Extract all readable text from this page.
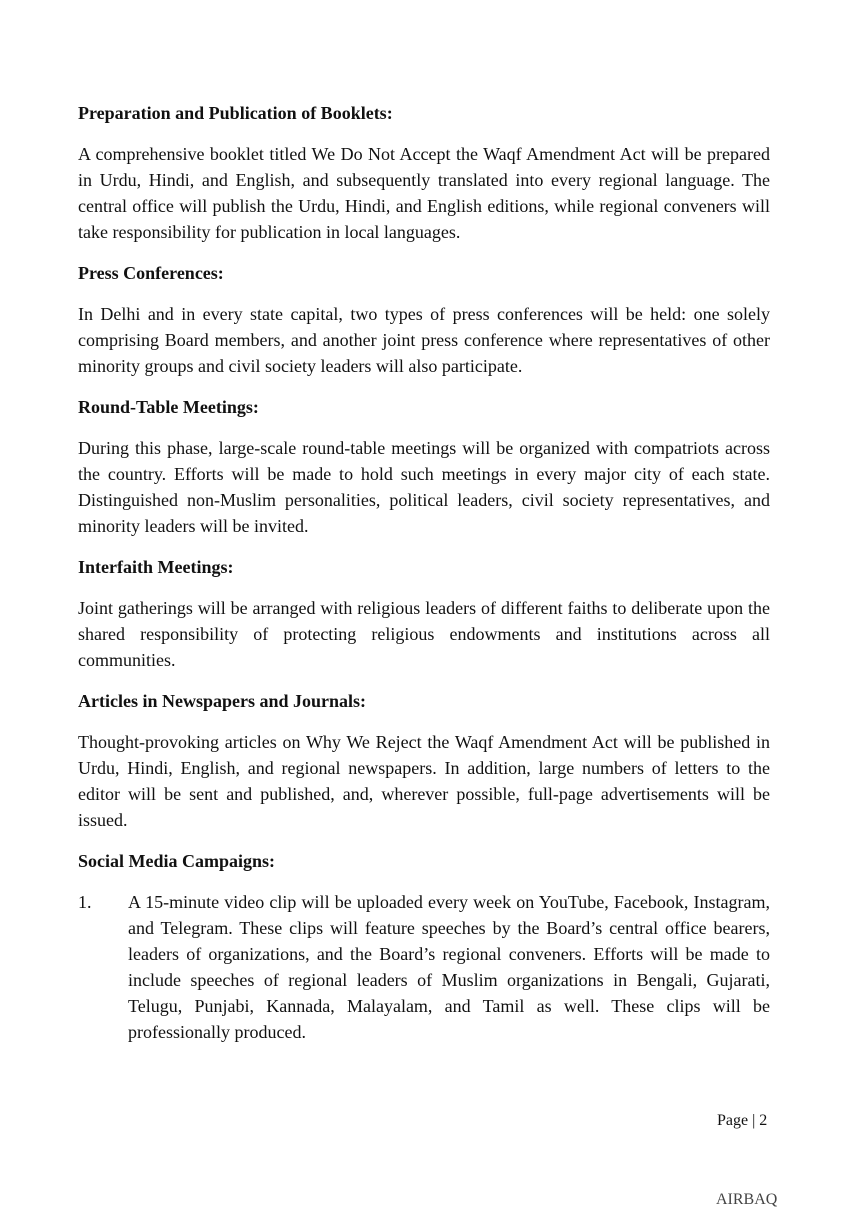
Preparation and Publication of Booklets:
A comprehensive booklet titled We Do Not Accept the Waqf Amendment Act will be prepared in Urdu, Hindi, and English, and subsequently translated into every regional language. The central office will publish the Urdu, Hindi, and English editions, while regional conveners will take responsibility for publication in local languages.
Press Conferences:
In Delhi and in every state capital, two types of press conferences will be held: one solely comprising Board members, and another joint press conference where representatives of other minority groups and civil society leaders will also participate.
Round-Table Meetings:
During this phase, large-scale round-table meetings will be organized with compatriots across the country. Efforts will be made to hold such meetings in every major city of each state. Distinguished non-Muslim personalities, political leaders, civil society representatives, and minority leaders will be invited.
Interfaith Meetings:
Joint gatherings will be arranged with religious leaders of different faiths to deliberate upon the shared responsibility of protecting religious endowments and institutions across all communities.
Articles in Newspapers and Journals:
Thought-provoking articles on Why We Reject the Waqf Amendment Act will be published in Urdu, Hindi, English, and regional newspapers. In addition, large numbers of letters to the editor will be sent and published, and, wherever possible, full-page advertisements will be issued.
Social Media Campaigns:
1.	A 15-minute video clip will be uploaded every week on YouTube, Facebook, Instagram, and Telegram. These clips will feature speeches by the Board’s central office bearers, leaders of organizations, and the Board’s regional conveners. Efforts will be made to include speeches of regional leaders of Muslim organizations in Bengali, Gujarati, Telugu, Punjabi, Kannada, Malayalam, and Tamil as well. These clips will be professionally produced.
Page | 2
AIRBAQ
